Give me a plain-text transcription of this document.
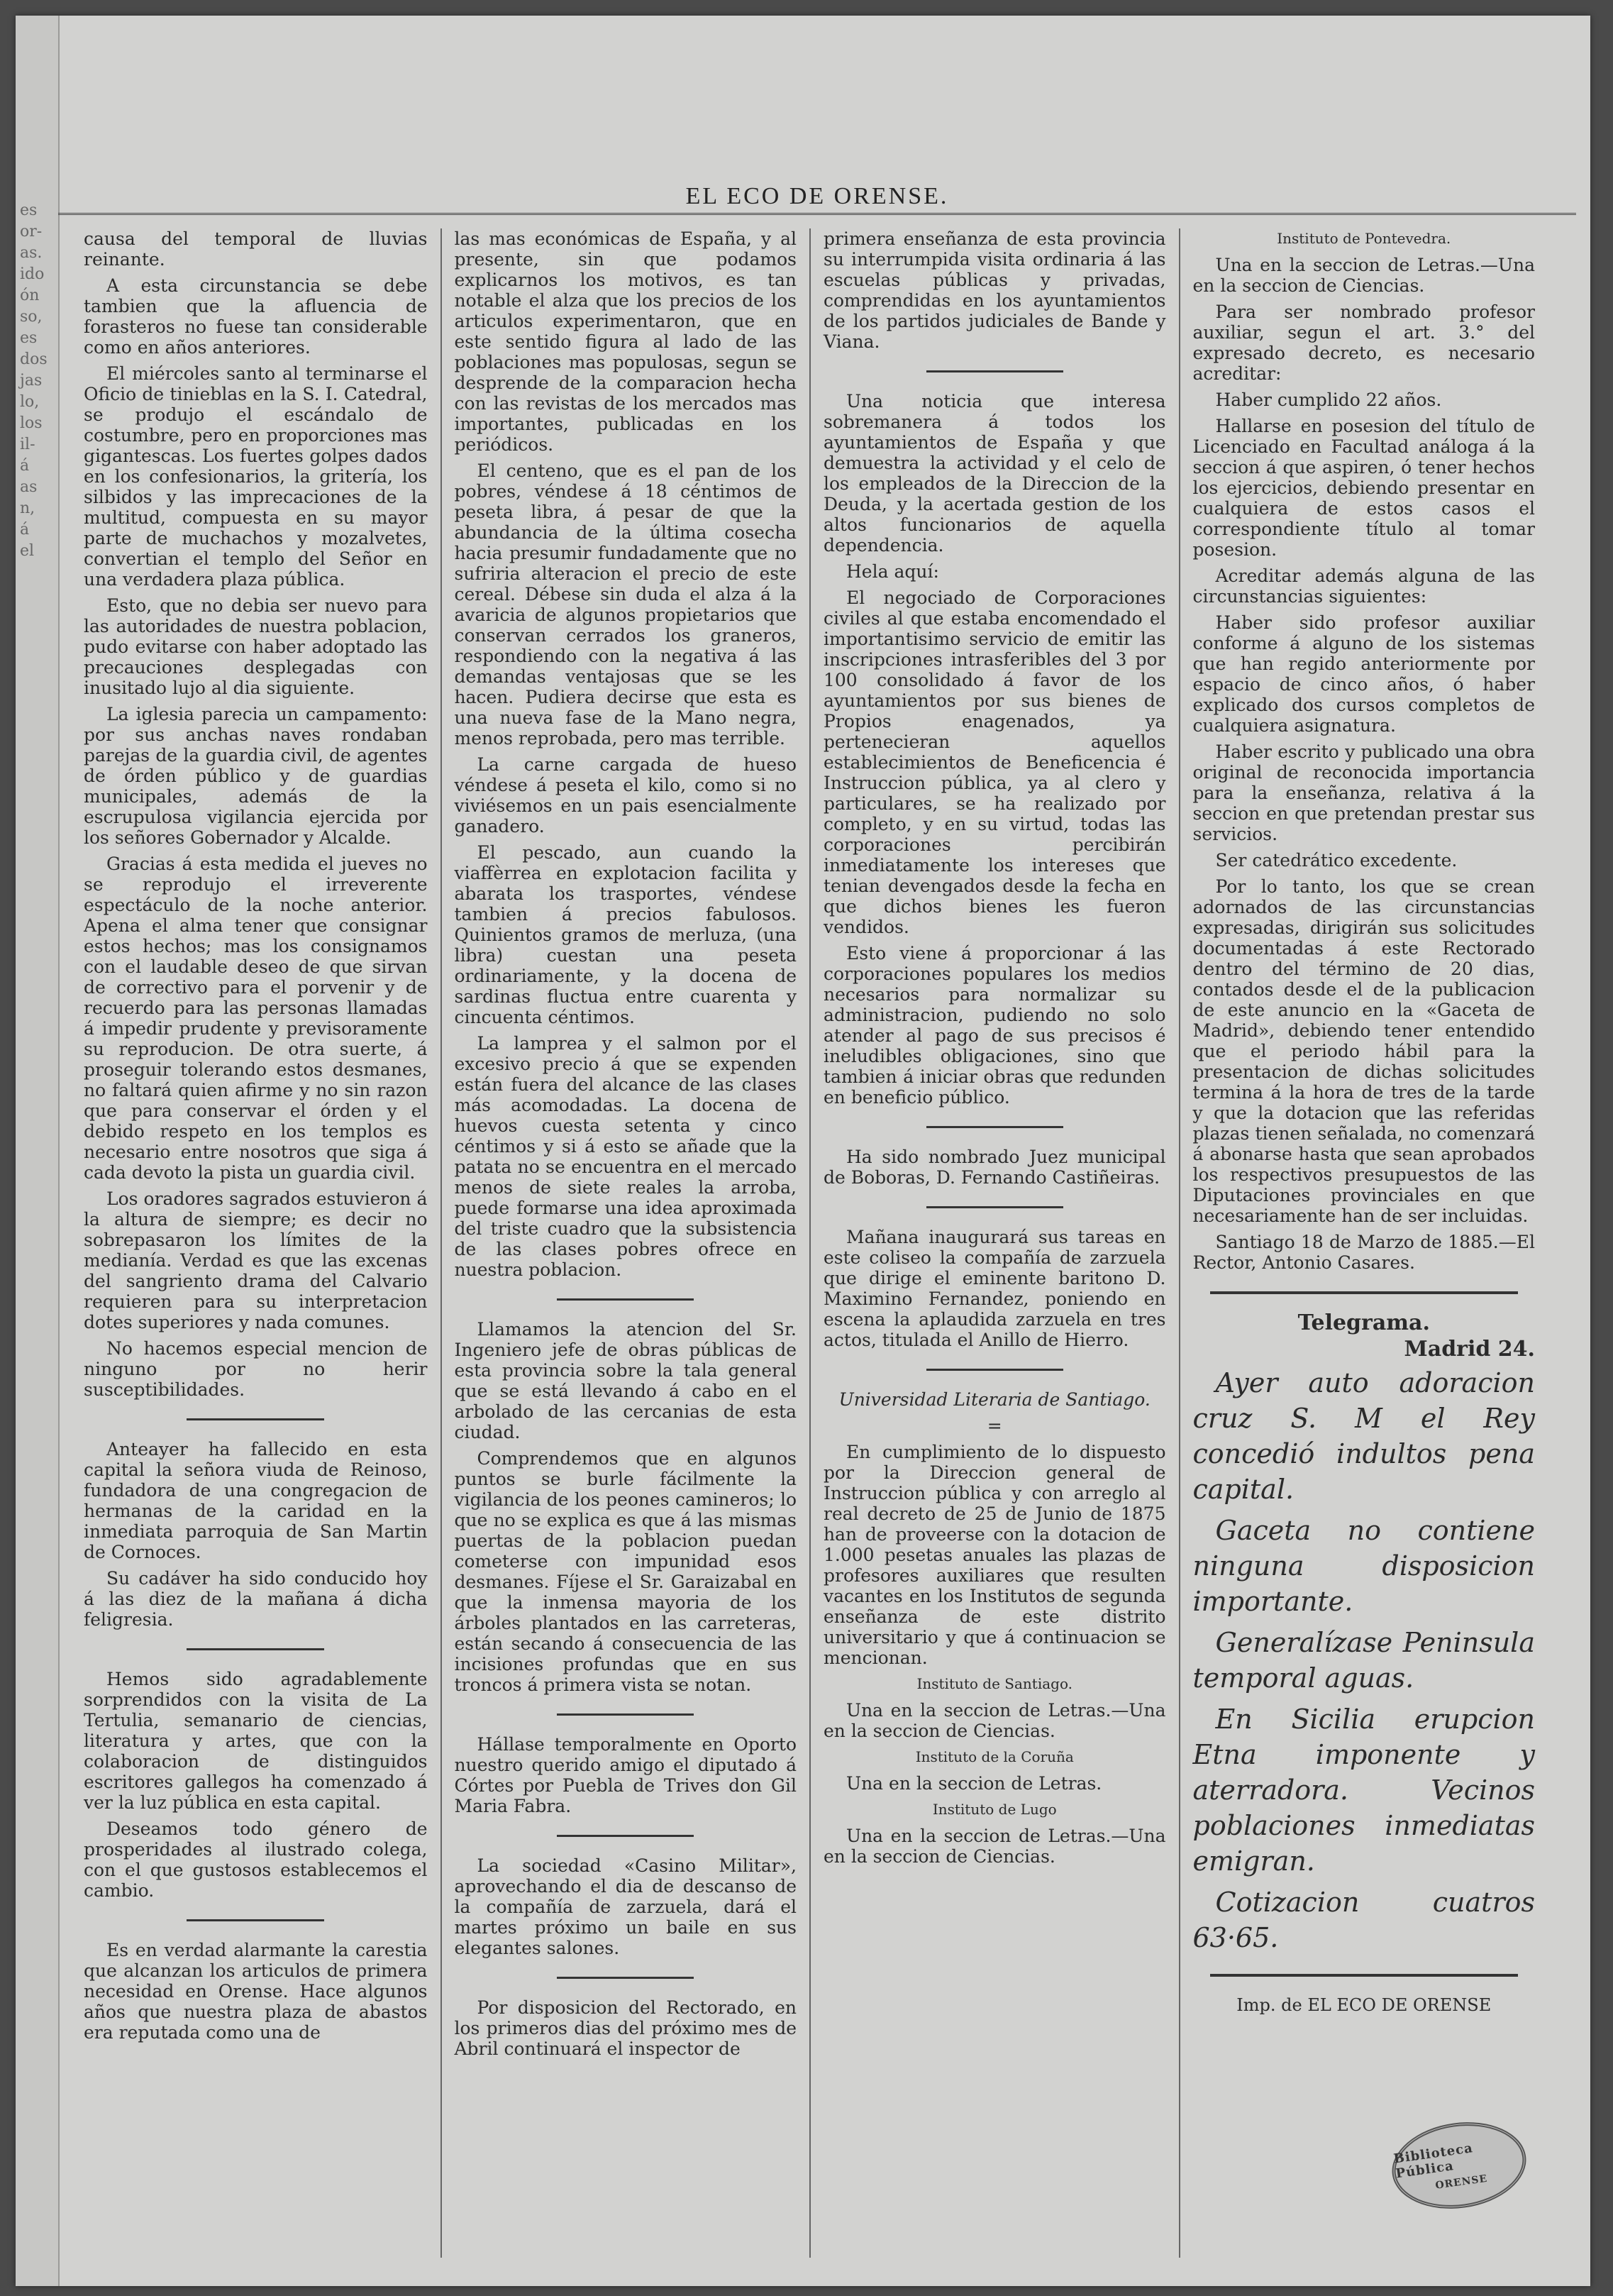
es
or-
as.
ido
ón
so,
es
dos
jas
lo,
los
il-
á
as
n,
á
el
EL ECO DE ORENSE.

causa del temporal de lluvias reinante.

A esta circunstancia se debe tambien que la afluencia de forasteros no fuese tan considerable como en años anteriores.

El miércoles santo al terminarse el Oficio de tinieblas en la S. I. Catedral, se produjo el escándalo de costumbre, pero en proporciones mas gigantescas. Los fuertes golpes dados en los confesionarios, la gritería, los silbidos y las imprecaciones de la multitud, compuesta en su mayor parte de muchachos y mozalvetes, convertian el templo del Señor en una verdadera plaza pública.

Esto, que no debia ser nuevo para las autoridades de nuestra poblacion, pudo evitarse con haber adoptado las precauciones desplegadas con inusitado lujo al dia siguiente.

La iglesia parecia un campamento: por sus anchas naves rondaban parejas de la guardia civil, de agentes de órden público y de guardias municipales, además de la escrupulosa vigilancia ejercida por los señores Gobernador y Alcalde.

Gracias á esta medida el jueves no se reprodujo el irreverente espectáculo de la noche anterior. Apena el alma tener que consignar estos hechos; mas los consignamos con el laudable deseo de que sirvan de correctivo para el porvenir y de recuerdo para las personas llamadas á impedir prudente y previsoramente su reproducion. De otra suerte, á proseguir tolerando estos desmanes, no faltará quien afirme y no sin razon que para conservar el órden y el debido respeto en los templos es necesario entre nosotros que siga á cada devoto la pista un guardia civil.

Los oradores sagrados estuvieron á la altura de siempre; es decir no sobrepasaron los límites de la medianía. Verdad es que las excenas del sangriento drama del Calvario requieren para su interpretacion dotes superiores y nada comunes.

No hacemos especial mencion de ninguno por no herir susceptibilidades.

Anteayer ha fallecido en esta capital la señora viuda de Reinoso, fundadora de una congregacion de hermanas de la caridad en la inmediata parroquia de San Martin de Cornoces.

Su cadáver ha sido conducido hoy á las diez de la mañana á dicha feligresia.

Hemos sido agradablemente sorprendidos con la visita de La Tertulia, semanario de ciencias, literatura y artes, que con la colaboracion de distinguidos escritores gallegos ha comenzado á ver la luz pública en esta capital.

Deseamos todo género de prosperidades al ilustrado colega, con el que gustosos establecemos el cambio.

Es en verdad alarmante la carestia que alcanzan los articulos de primera necesidad en Orense. Hace algunos años que nuestra plaza de abastos era reputada como una de

las mas económicas de España, y al presente, sin que podamos explicarnos los motivos, es tan notable el alza que los precios de los articulos experimentaron, que en este sentido figura al lado de las poblaciones mas populosas, segun se desprende de la comparacion hecha con las revistas de los mercados mas importantes, publicadas en los periódicos.

El centeno, que es el pan de los pobres, véndese á 18 céntimos de peseta libra, á pesar de que la abundancia de la última cosecha hacia presumir fundadamente que no sufriria alteracion el precio de este cereal. Débese sin duda el alza á la avaricia de algunos propietarios que conservan cerrados los graneros, respondiendo con la negativa á las demandas ventajosas que se les hacen. Pudiera decirse que esta es una nueva fase de la Mano negra, menos reprobada, pero mas terrible.

La carne cargada de hueso véndese á peseta el kilo, como si no viviésemos en un pais esencialmente ganadero.

El pescado, aun cuando la viaffèrrea en explotacion facilita y abarata los trasportes, véndese tambien á precios fabulosos. Quinientos gramos de merluza, (una libra) cuestan una peseta ordinariamente, y la docena de sardinas fluctua entre cuarenta y cincuenta céntimos.

La lamprea y el salmon por el excesivo precio á que se expenden están fuera del alcance de las clases más acomodadas. La docena de huevos cuesta setenta y cinco céntimos y si á esto se añade que la patata no se encuentra en el mercado menos de siete reales la arroba, puede formarse una idea aproximada del triste cuadro que la subsistencia de las clases pobres ofrece en nuestra poblacion.

Llamamos la atencion del Sr. Ingeniero jefe de obras públicas de esta provincia sobre la tala general que se está llevando á cabo en el arbolado de las cercanias de esta ciudad.

Comprendemos que en algunos puntos se burle fácilmente la vigilancia de los peones camineros; lo que no se explica es que á las mismas puertas de la poblacion puedan cometerse con impunidad esos desmanes. Fíjese el Sr. Garaizabal en que la inmensa mayoria de los árboles plantados en las carreteras, están secando á consecuencia de las incisiones profundas que en sus troncos á primera vista se notan.

Hállase temporalmente en Oporto nuestro querido amigo el diputado á Córtes por Puebla de Trives don Gil Maria Fabra.

La sociedad «Casino Militar», aprovechando el dia de descanso de la compañía de zarzuela, dará el martes próximo un baile en sus elegantes salones.

Por disposicion del Rectorado, en los primeros dias del próximo mes de Abril continuará el inspector de

primera enseñanza de esta provincia su interrumpida visita ordinaria á las escuelas públicas y privadas, comprendidas en los ayuntamientos de los partidos judiciales de Bande y Viana.

Una noticia que interesa sobremanera á todos los ayuntamientos de España y que demuestra la actividad y el celo de los empleados de la Direccion de la Deuda, y la acertada gestion de los altos funcionarios de aquella dependencia.

Hela aquí:

El negociado de Corporaciones civiles al que estaba encomendado el importantisimo servicio de emitir las inscripciones intrasferibles del 3 por 100 consolidado á favor de los ayuntamientos por sus bienes de Propios enagenados, ya pertenecieran aquellos establecimientos de Beneficencia é Instruccion pública, ya al clero y particulares, se ha realizado por completo, y en su virtud, todas las corporaciones percibirán inmediatamente los intereses que tenian devengados desde la fecha en que dichos bienes les fueron vendidos.

Esto viene á proporcionar á las corporaciones populares los medios necesarios para normalizar su administracion, pudiendo no solo atender al pago de sus precisos é ineludibles obligaciones, sino que tambien á iniciar obras que redunden en beneficio público.

Ha sido nombrado Juez municipal de Boboras, D. Fernando Castiñeiras.

Mañana inaugurará sus tareas en este coliseo la compañía de zarzuela que dirige el eminente baritono D. Maximino Fernandez, poniendo en escena la aplaudida zarzuela en tres actos, titulada el Anillo de Hierro.

Universidad Literaria de Santiago.

=

En cumplimiento de lo dispuesto por la Direccion general de Instruccion pública y con arreglo al real decreto de 25 de Junio de 1875 han de proveerse con la dotacion de 1.000 pesetas anuales las plazas de profesores auxiliares que resulten vacantes en los Institutos de segunda enseñanza de este distrito universitario y que á continuacion se mencionan.

Instituto de Santiago.

Una en la seccion de Letras.—Una en la seccion de Ciencias.

Instituto de la Coruña

Una en la seccion de Letras.

Instituto de Lugo

Una en la seccion de Letras.—Una en la seccion de Ciencias.

Instituto de Pontevedra.

Una en la seccion de Letras.—Una en la seccion de Ciencias.

Para ser nombrado profesor auxiliar, segun el art. 3.° del expresado decreto, es necesario acreditar:

Haber cumplido 22 años.

Hallarse en posesion del título de Licenciado en Facultad análoga á la seccion á que aspiren, ó tener hechos los ejercicios, debiendo presentar en cualquiera de estos casos el correspondiente título al tomar posesion.

Acreditar además alguna de las circunstancias siguientes:

Haber sido profesor auxiliar conforme á alguno de los sistemas que han regido anteriormente por espacio de cinco años, ó haber explicado dos cursos completos de cualquiera asignatura.

Haber escrito y publicado una obra original de reconocida importancia para la enseñanza, relativa á la seccion en que pretendan prestar sus servicios.

Ser catedrático excedente.

Por lo tanto, los que se crean adornados de las circunstancias expresadas, dirigirán sus solicitudes documentadas á este Rectorado dentro del término de 20 dias, contados desde el de la publicacion de este anuncio en la «Gaceta de Madrid», debiendo tener entendido que el periodo hábil para la presentacion de dichas solicitudes termina á la hora de tres de la tarde y que la dotacion que las referidas plazas tienen señalada, no comenzará á abonarse hasta que sean aprobados los respectivos presupuestos de las Diputaciones provinciales en que necesariamente han de ser incluidas.

Santiago 18 de Marzo de 1885.—El Rector, Antonio Casares.

Telegrama.

Madrid 24.

Ayer auto adoracion cruz S. M el Rey concedió indultos pena capital.

Gaceta no contiene ninguna disposicion importante.

Generalízase Peninsula temporal aguas.

En Sicilia erupcion Etna imponente y aterradora. Vecinos poblaciones inmediatas emigran.

Cotizacion cuatros 63·65.

Imp. de EL ECO DE ORENSE

Biblioteca Pública
ORENSE
